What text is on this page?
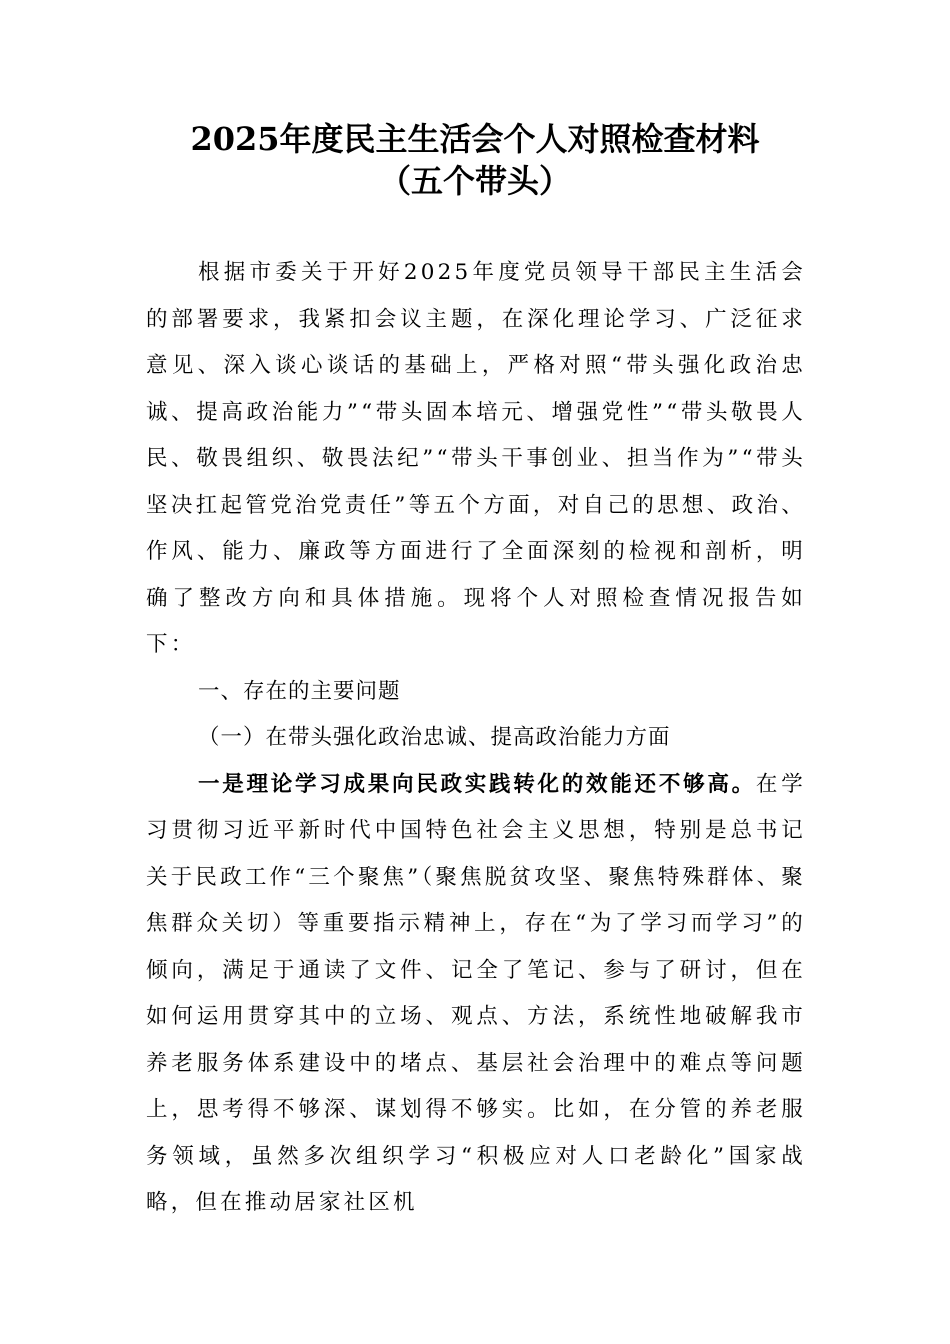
2025年度民主生活会个人对照检查材料
（五个带头）

根据市委关于开好2025年度党员领导干部民主生活会的部署要求，我紧扣会议主题，在深化理论学习、广泛征求意见、深入谈心谈话的基础上，严格对照“带头强化政治忠诚、提高政治能力”“带头固本培元、增强党性”“带头敬畏人民、敬畏组织、敬畏法纪”“带头干事创业、担当作为”“带头坚决扛起管党治党责任”等五个方面，对自己的思想、政治、作风、能力、廉政等方面进行了全面深刻的检视和剖析，明确了整改方向和具体措施。现将个人对照检查情况报告如下：

一、存在的主要问题

（一）在带头强化政治忠诚、提高政治能力方面

一是理论学习成果向民政实践转化的效能还不够高。在学习贯彻习近平新时代中国特色社会主义思想，特别是总书记关于民政工作“三个聚焦”（聚焦脱贫攻坚、聚焦特殊群体、聚焦群众关切）等重要指示精神上，存在“为了学习而学习”的倾向，满足于通读了文件、记全了笔记、参与了研讨，但在如何运用贯穿其中的立场、观点、方法，系统性地破解我市养老服务体系建设中的堵点、基层社会治理中的难点等问题上，思考得不够深、谋划得不够实。比如，在分管的养老服务领域，虽然多次组织学习“积极应对人口老龄化”国家战略，但在推动居家社区机
